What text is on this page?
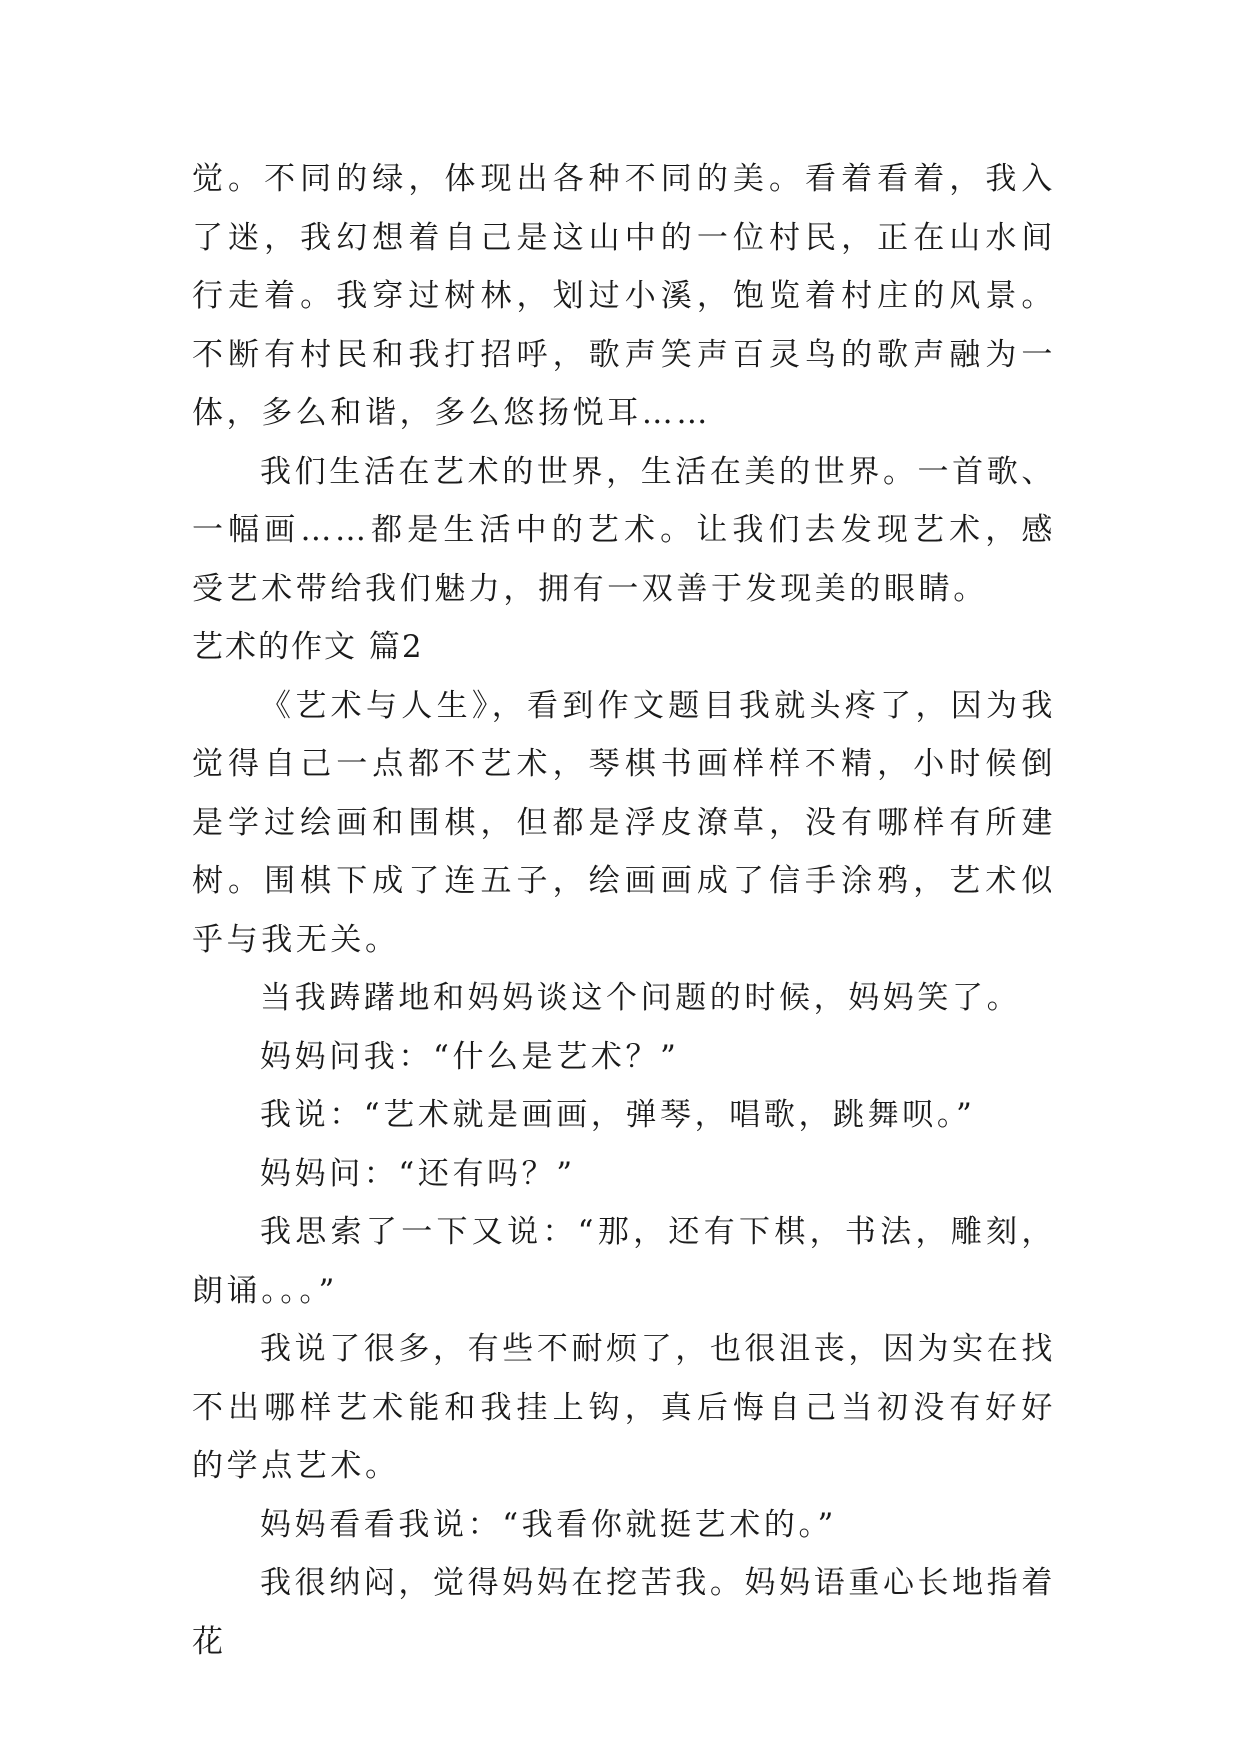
觉。不同的绿，体现出各种不同的美。看着看着，我入了迷，我幻想着自己是这山中的一位村民，正在山水间行走着。我穿过树林，划过小溪，饱览着村庄的风景。不断有村民和我打招呼，歌声笑声百灵鸟的歌声融为一体，多么和谐，多么悠扬悦耳……

我们生活在艺术的世界，生活在美的世界。一首歌、一幅画……都是生活中的艺术。让我们去发现艺术，感受艺术带给我们魅力，拥有一双善于发现美的眼睛。

艺术的作文 篇2

《艺术与人生》，看到作文题目我就头疼了，因为我觉得自己一点都不艺术，琴棋书画样样不精，小时候倒是学过绘画和围棋，但都是浮皮潦草，没有哪样有所建树。围棋下成了连五子，绘画画成了信手涂鸦，艺术似乎与我无关。

当我踌躇地和妈妈谈这个问题的时候，妈妈笑了。

妈妈问我：“什么是艺术？”

我说：“艺术就是画画，弹琴，唱歌，跳舞呗。”

妈妈问：“还有吗？”

我思索了一下又说：“那，还有下棋，书法，雕刻，朗诵。。。”

我说了很多，有些不耐烦了，也很沮丧，因为实在找不出哪样艺术能和我挂上钩，真后悔自己当初没有好好的学点艺术。

妈妈看看我说：“我看你就挺艺术的。”

我很纳闷，觉得妈妈在挖苦我。妈妈语重心长地指着花
